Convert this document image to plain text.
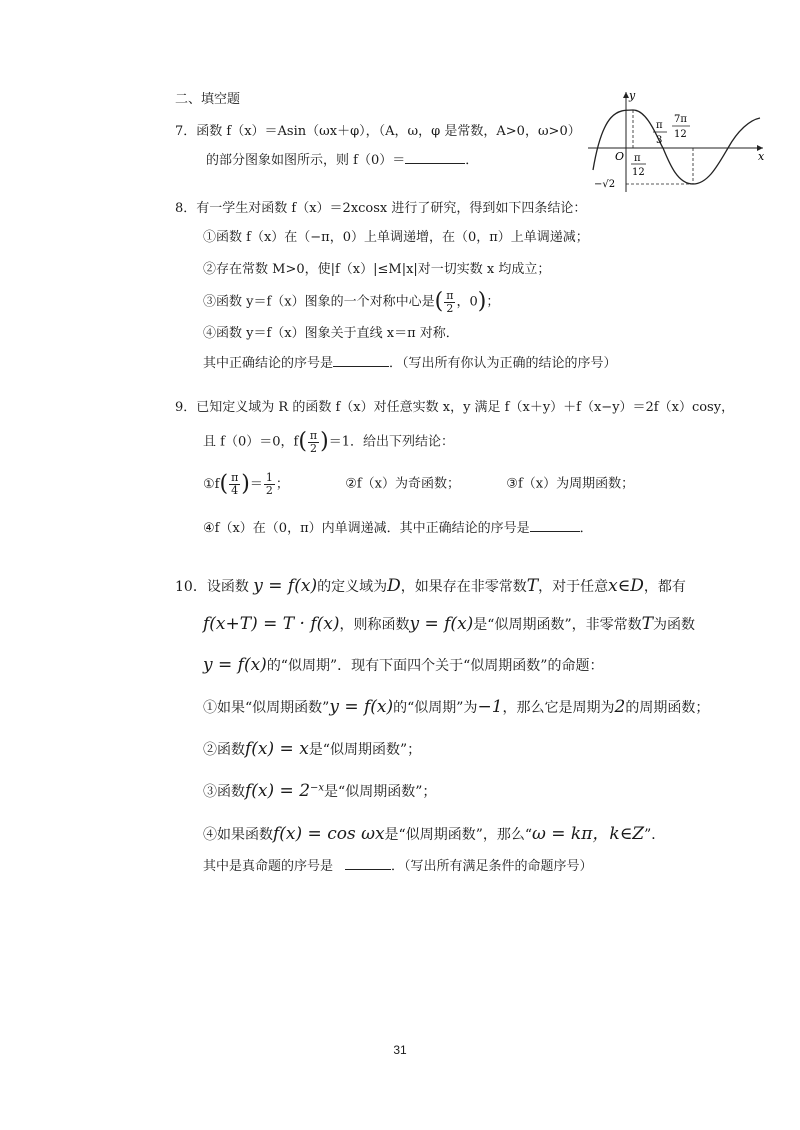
二、填空题
7．函数 f（x）＝Asin（ωx＋φ），（A，ω，φ 是常数，A>0，ω>0）
的部分图象如图所示，则 f（0）＝	．
y
x
O
π
3
7π
12
π
12
−√2
8．有一学生对函数 f（x）＝2xcosx 进行了研究，得到如下四条结论：
①函数 f（x）在（−π，0）上单调递增，在（0，π）上单调递减；
②存在常数 M>0，使|f（x）|≤M|x|对一切实数 x 均成立；
③函数 y＝f（x）图象的一个对称中心是( $\frac{\pi}{2}$ ，0)；
④函数 y＝f（x）图象关于直线 x＝π 对称．
其中正确结论的序号是	．（写出所有你认为正确的结论的序号）
9．已知定义域为 R 的函数 f（x）对任意实数 x，y 满足 f（x＋y）＋f（x−y）＝2f（x）cosy，
且 f（0）＝0，$f( \frac{\pi}{2} )=1$．给出下列结论：
①f( $\frac{\pi}{4}$ )＝ $\frac{1}{2}$ ；	②f（x）为奇函数；	③f（x）为周期函数；
④f（x）在（0，π）内单调递减．其中正确结论的序号是	．
10．设函数 y = f(x)的定义域为D，如果存在非零常数T，对于任意x∈D，都有
f(x+T) = T · f(x)，则称函数y = f(x)是“似周期函数”，非零常数T为函数
y = f(x)的“似周期”．现有下面四个关于“似周期函数”的命题：
①如果“似周期函数”y = f(x)的“似周期”为−1，那么它是周期为2的周期函数；
②函数f(x) = x是“似周期函数”；
③函数$f(x) = 2^{-x}$是“似周期函数”；
④如果函数f(x) = cos ωx是“似周期函数”，那么“ω = kπ，k∈Z”．
其中是真命题的序号是	．（写出所有满足条件的命题序号）
31
